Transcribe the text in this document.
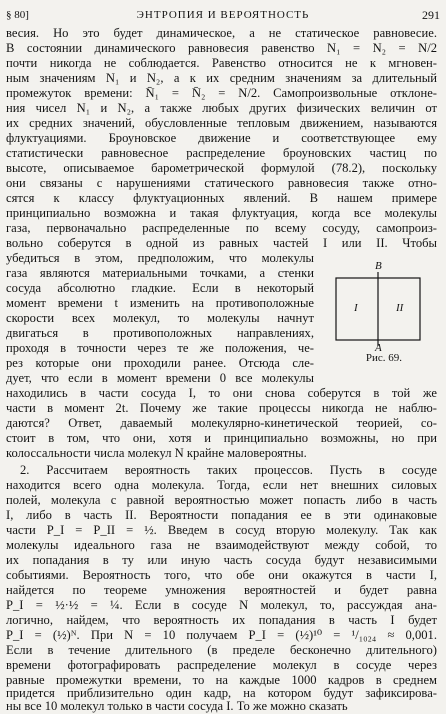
§ 80]	ЭНТРОПИЯ И ВЕРОЯТНОСТЬ	291
весия. Но это будет динамическое, а не статическое равновесие.
В состоянии динамического равновесия равенство N₁ = N₂ = N/2
почти никогда не соблюдается. Равенство относится не к мгновен-
ным значениям N₁ и N₂, а к их средним значениям за длительный
промежуток времени: N̄₁ = N̄₂ = N/2. Самопроизвольные отклоне-
ния чисел N₁ и N₂, а также любых других физических величин от
их средних значений, обусловленные тепловым движением, называются
флуктуациями. Броуновское движение и соответствующее ему
статистически равновесное распределение броуновских частиц по
высоте, описываемое барометрической формулой (78.2), поскольку
они связаны с нарушениями статического равновесия также отно-
сятся к классу флуктуационных явлений. В нашем примере
принципиально возможна и такая флуктуация, когда все молекулы
газа, первоначально распределенные по всему сосуду, самопроиз-
вольно соберутся в одной из равных частей I или II. Чтобы
убедиться в этом, предположим, что молекулы
газа являются материальными точками, а стенки
сосуда абсолютно гладкие. Если в некоторый
момент времени t изменить на противоположные
скорости всех молекул, то молекулы начнут
двигаться в противоположных направлениях,
проходя в точности через те же положения, че-
рез которые они проходили ранее. Отсюда сле-
дует, что если в момент времени 0 все молекулы
находились в части сосуда I, то они снова соберутся в той же
части в момент 2t. Почему же такие процессы никогда не наблю-
даются? Ответ, даваемый молекулярно-кинетической теорией, со-
стоит в том, что они, хотя и принципиально возможны, но при
колоссальности числа молекул N крайне маловероятны.
2. Рассчитаем вероятность таких процессов. Пусть в сосуде
находится всего одна молекула. Тогда, если нет внешних силовых
полей, молекула с равной вероятностью может попасть либо в часть
I, либо в часть II. Вероятности попадания ее в эти одинаковые
части P_I = P_II = ½. Введем в сосуд вторую молекулу. Так как
молекулы идеального газа не взаимодействуют между собой, то
их попадания в ту или иную часть сосуда будут независимыми
событиями. Вероятность того, что обе они окажутся в части I,
найдется по теореме умножения вероятностей и будет равна
P_I = ½·½ = ¼. Если в сосуде N молекул, то, рассуждая ана-
логично, найдем, что вероятность их попадания в часть I будет
P_I = (½)ᴺ. При N = 10 получаем P_I = (½)¹⁰ = ¹/₁₀₂₄ ≈ 0,001.
Если в течение длительного (в пределе бесконечно длительного)
времени фотографировать распределение молекул в сосуде через
равные промежутки времени, то на каждые 1000 кадров в среднем
придется приблизительно один кадр, на котором будут зафиксирова-
ны все 10 молекул только в части сосуда I. То же можно сказать
B
A
I	II
Рис. 69.
